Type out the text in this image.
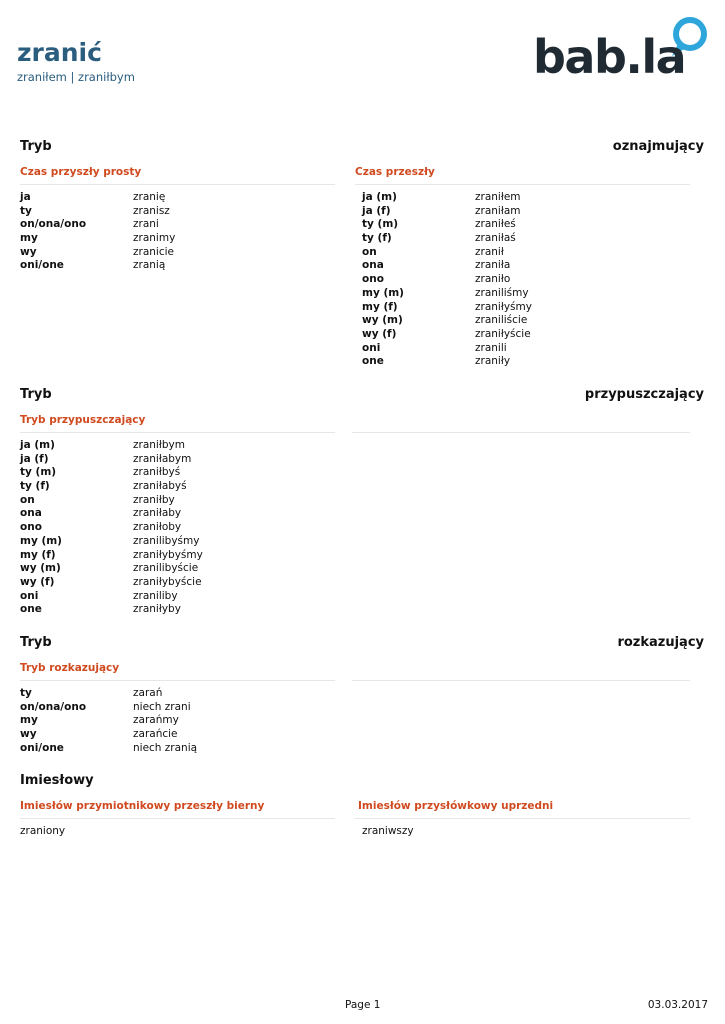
zranić
zraniłem | zraniłbym	bab.la
Tryb	oznajmujący
Czas przyszły prosty
ja	zranię
ty	zranisz
on/ona/ono	zrani
my	zranimy
wy	zranicie
oni/one	zranią
Czas przeszły
ja (m)	zraniłem
ja (f)	zraniłam
ty (m)	zraniłeś
ty (f)	zraniłaś
on	zranił
ona	zraniła
ono	zraniło
my (m)	zraniliśmy
my (f)	zraniłyśmy
wy (m)	zraniliście
wy (f)	zraniłyście
oni	zranili
one	zraniły
Tryb	przypuszczający
Tryb przypuszczający
ja (m)	zraniłbym
ja (f)	zraniłabym
ty (m)	zraniłbyś
ty (f)	zraniłabyś
on	zraniłby
ona	zraniłaby
ono	zraniłoby
my (m)	zranilibyśmy
my (f)	zraniłybyśmy
wy (m)	zranilibyście
wy (f)	zraniłybyście
oni	zraniliby
one	zraniłyby
Tryb	rozkazujący
Tryb rozkazujący
ty	zarań
on/ona/ono	niech zrani
my	zarańmy
wy	zarańcie
oni/one	niech zranią
Imiesłowy
Imiesłów przymiotnikowy przeszły bierny
zraniony
Imiesłów przysłówkowy uprzedni
zraniwszy
Page 1	03.03.2017
